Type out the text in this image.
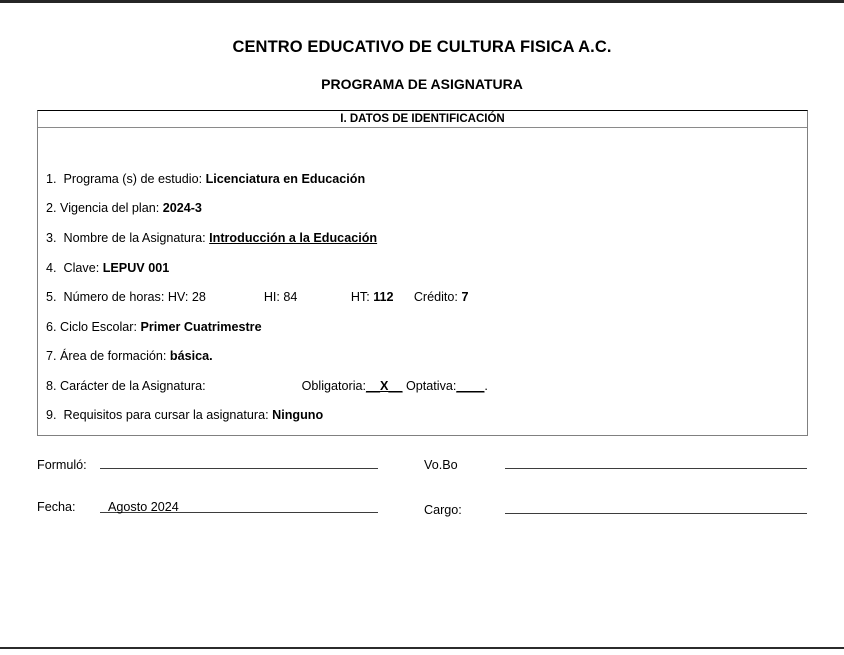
CENTRO EDUCATIVO DE CULTURA FISICA A.C.
PROGRAMA DE ASIGNATURA
I. DATOS DE IDENTIFICACIÓN
1. Programa (s) de estudio: Licenciatura en Educación
2. Vigencia del plan: 2024-3
3. Nombre de la Asignatura: Introducción a la Educación
4. Clave: LEPUV 001
5. Número de horas: HV: 28	HI: 84	HT: 112 Crédito: 7
6. Ciclo Escolar: Primer Cuatrimestre
7. Área de formación: básica.
8. Carácter de la Asignatura:	Obligatoria:__X__ Optativa:____.
9. Requisitos para cursar la asignatura: Ninguno
Formuló:	Vo.Bo
Fecha:	Agosto 2024	Cargo:
